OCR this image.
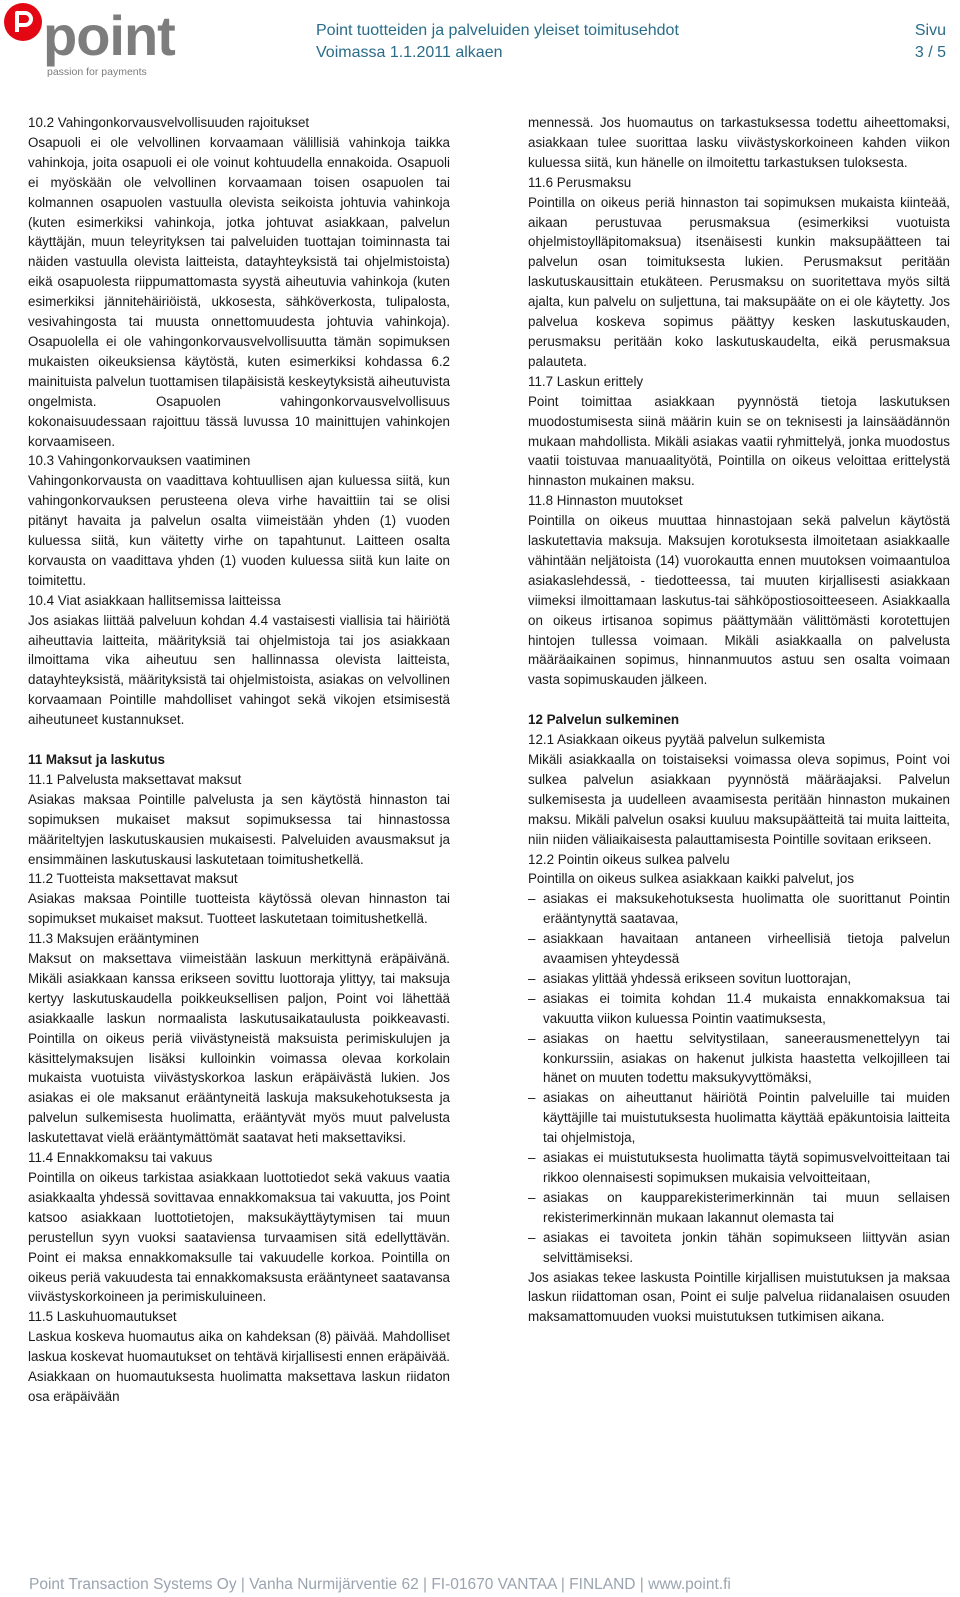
point
passion for payments
Point tuotteiden ja palveluiden yleiset toimitusehdot
Voimassa 1.1.2011 alkaen
Sivu
3 / 5

10.2 Vahingonkorvausvelvollisuuden rajoitukset

Osapuoli ei ole velvollinen korvaamaan välillisiä vahinkoja taikka vahinkoja, joita osapuoli ei ole voinut kohtuudella ennakoida. Osapuoli ei myöskään ole velvollinen korvaamaan toisen osapuolen tai kolmannen osapuolen vastuulla olevista seikoista johtuvia vahinkoja (kuten esimerkiksi vahinkoja, jotka johtuvat asiakkaan, palvelun käyttäjän, muun teleyrityksen tai palveluiden tuottajan toiminnasta tai näiden vastuulla olevista laitteista, datayhteyksistä tai ohjelmistoista) eikä osapuolesta riippumattomasta syystä aiheutuvia vahinkoja (kuten esimerkiksi jännitehäiriöistä, ukkosesta, sähköverkosta, tulipalosta, vesivahingosta tai muusta onnettomuudesta johtuvia vahinkoja). Osapuolella ei ole vahingonkorvausvelvollisuutta tämän sopimuksen mukaisten oikeuksiensa käytöstä, kuten esimerkiksi kohdassa 6.2 mainituista palvelun tuottamisen tilapäisistä keskeytyksistä aiheutuvista ongelmista. Osapuolen vahingonkorvausvelvollisuus kokonaisuudessaan rajoittuu tässä luvussa 10 mainittujen vahinkojen korvaamiseen.

10.3 Vahingonkorvauksen vaatiminen

Vahingonkorvausta on vaadittava kohtuullisen ajan kuluessa siitä, kun vahingonkorvauksen perusteena oleva virhe havaittiin tai se olisi pitänyt havaita ja palvelun osalta viimeistään yhden (1) vuoden kuluessa siitä, kun väitetty virhe on tapahtunut. Laitteen osalta korvausta on vaadittava yhden (1) vuoden kuluessa siitä kun laite on toimitettu.

10.4 Viat asiakkaan hallitsemissa laitteissa

Jos asiakas liittää palveluun kohdan 4.4 vastaisesti viallisia tai häiriötä aiheuttavia laitteita, määrityksiä tai ohjelmistoja tai jos asiakkaan ilmoittama vika aiheutuu sen hallinnassa olevista laitteista, datayhteyksistä, määrityksistä tai ohjelmistoista, asiakas on velvollinen korvaamaan Pointille mahdolliset vahingot sekä vikojen etsimisestä aiheutuneet kustannukset.

11 Maksut ja laskutus

11.1 Palvelusta maksettavat maksut

Asiakas maksaa Pointille palvelusta ja sen käytöstä hinnaston tai sopimuksen mukaiset maksut sopimuksessa tai hinnastossa määriteltyjen laskutuskausien mukaisesti. Palveluiden avausmaksut ja ensimmäinen laskutuskausi laskutetaan toimitushetkellä.

11.2 Tuotteista maksettavat maksut

Asiakas maksaa Pointille tuotteista käytössä olevan hinnaston tai sopimukset mukaiset maksut. Tuotteet laskutetaan toimitushetkellä.

11.3 Maksujen erääntyminen

Maksut on maksettava viimeistään laskuun merkittynä eräpäivänä. Mikäli asiakkaan kanssa erikseen sovittu luottoraja ylittyy, tai maksuja kertyy laskutuskaudella poikkeuksellisen paljon, Point voi lähettää asiakkaalle laskun normaalista laskutusaikataulusta poikkeavasti. Pointilla on oikeus periä viivästyneistä maksuista perimiskulujen ja käsittelymaksujen lisäksi kulloinkin voimassa olevaa korkolain mukaista vuotuista viivästyskorkoa laskun eräpäivästä lukien. Jos asiakas ei ole maksanut erääntyneitä laskuja maksukehotuksesta ja palvelun sulkemisesta huolimatta, erääntyvät myös muut palvelusta laskutettavat vielä erääntymättömät saatavat heti maksettaviksi.

11.4 Ennakkomaksu tai vakuus

Pointilla on oikeus tarkistaa asiakkaan luottotiedot sekä vakuus vaatia asiakkaalta yhdessä sovittavaa ennakkomaksua tai vakuutta, jos Point katsoo asiakkaan luottotietojen, maksukäyttäytymisen tai muun perustellun syyn vuoksi saataviensa turvaamisen sitä edellyttävän. Point ei maksa ennakkomaksulle tai vakuudelle korkoa. Pointilla on oikeus periä vakuudesta tai ennakkomaksusta erääntyneet saatavansa viivästyskorkoineen ja perimiskuluineen.

11.5 Laskuhuomautukset

Laskua koskeva huomautus aika on kahdeksan (8) päivää. Mahdolliset laskua koskevat huomautukset on tehtävä kirjallisesti ennen eräpäivää. Asiakkaan on huomautuksesta huolimatta maksettava laskun riidaton osa eräpäivään

mennessä. Jos huomautus on tarkastuksessa todettu aiheettomaksi, asiakkaan tulee suorittaa lasku viivästyskorkoineen kahden viikon kuluessa siitä, kun hänelle on ilmoitettu tarkastuksen tuloksesta.

11.6 Perusmaksu

Pointilla on oikeus periä hinnaston tai sopimuksen mukaista kiinteää, aikaan perustuvaa perusmaksua (esimerkiksi vuotuista ohjelmistoylläpitomaksua) itsenäisesti kunkin maksupäätteen tai palvelun osan toimituksesta lukien. Perusmaksut peritään laskutuskausittain etukäteen. Perusmaksu on suoritettava myös siltä ajalta, kun palvelu on suljettuna, tai maksupääte on ei ole käytetty. Jos palvelua koskeva sopimus päättyy kesken laskutuskauden, perusmaksu peritään koko laskutuskaudelta, eikä perusmaksua palauteta.

11.7 Laskun erittely

Point toimittaa asiakkaan pyynnöstä tietoja laskutuksen muodostumisesta siinä määrin kuin se on teknisesti ja lainsäädännön mukaan mahdollista. Mikäli asiakas vaatii ryhmittelyä, jonka muodostus vaatii toistuvaa manuaalityötä, Pointilla on oikeus veloittaa erittelystä hinnaston mukainen maksu.

11.8 Hinnaston muutokset

Pointilla on oikeus muuttaa hinnastojaan sekä palvelun käytöstä laskutettavia maksuja. Maksujen korotuksesta ilmoitetaan asiakkaalle vähintään neljätoista (14) vuorokautta ennen muutoksen voimaantuloa asiakaslehdessä, - tiedotteessa, tai muuten kirjallisesti asiakkaan viimeksi ilmoittamaan laskutus-tai sähköpostiosoitteeseen. Asiakkaalla on oikeus irtisanoa sopimus päättymään välittömästi korotettujen hintojen tullessa voimaan. Mikäli asiakkaalla on palvelusta määräaikainen sopimus, hinnanmuutos astuu sen osalta voimaan vasta sopimuskauden jälkeen.

12 Palvelun sulkeminen

12.1 Asiakkaan oikeus pyytää palvelun sulkemista

Mikäli asiakkaalla on toistaiseksi voimassa oleva sopimus, Point voi sulkea palvelun asiakkaan pyynnöstä määräajaksi. Palvelun sulkemisesta ja uudelleen avaamisesta peritään hinnaston mukainen maksu. Mikäli palvelun osaksi kuuluu maksupäätteitä tai muita laitteita, niin niiden väliaikaisesta palauttamisesta Pointille sovitaan erikseen.

12.2 Pointin oikeus sulkea palvelu

Pointilla on oikeus sulkea asiakkaan kaikki palvelut, jos

– asiakas ei maksukehotuksesta huolimatta ole suorittanut Pointin erääntynyttä saatavaa,
– asiakkaan havaitaan antaneen virheellisiä tietoja palvelun avaamisen yhteydessä
– asiakas ylittää yhdessä erikseen sovitun luottorajan,
– asiakas ei toimita kohdan 11.4 mukaista ennakkomaksua tai vakuutta viikon kuluessa Pointin vaatimuksesta,
– asiakas on haettu selvitystilaan, saneerausmenettelyyn tai konkurssiin, asiakas on hakenut julkista haastetta velkojilleen tai hänet on muuten todettu maksukyvyttömäksi,
– asiakas on aiheuttanut häiriötä Pointin palveluille tai muiden käyttäjille tai muistutuksesta huolimatta käyttää epäkuntoisia laitteita tai ohjelmistoja,
– asiakas ei muistutuksesta huolimatta täytä sopimusvelvoitteitaan tai rikkoo olennaisesti sopimuksen mukaisia velvoitteitaan,
– asiakas on kaupparekisterimerkinnän tai muun sellaisen rekisterimerkinnän mukaan lakannut olemasta tai
– asiakas ei tavoiteta jonkin tähän sopimukseen liittyvän asian selvittämiseksi.

Jos asiakas tekee laskusta Pointille kirjallisen muistutuksen ja maksaa laskun riidattoman osan, Point ei sulje palvelua riidanalaisen osuuden maksamattomuuden vuoksi muistutuksen tutkimisen aikana.

Point Transaction Systems Oy | Vanha Nurmijärventie 62 | FI-01670 VANTAA | FINLAND | www.point.fi
